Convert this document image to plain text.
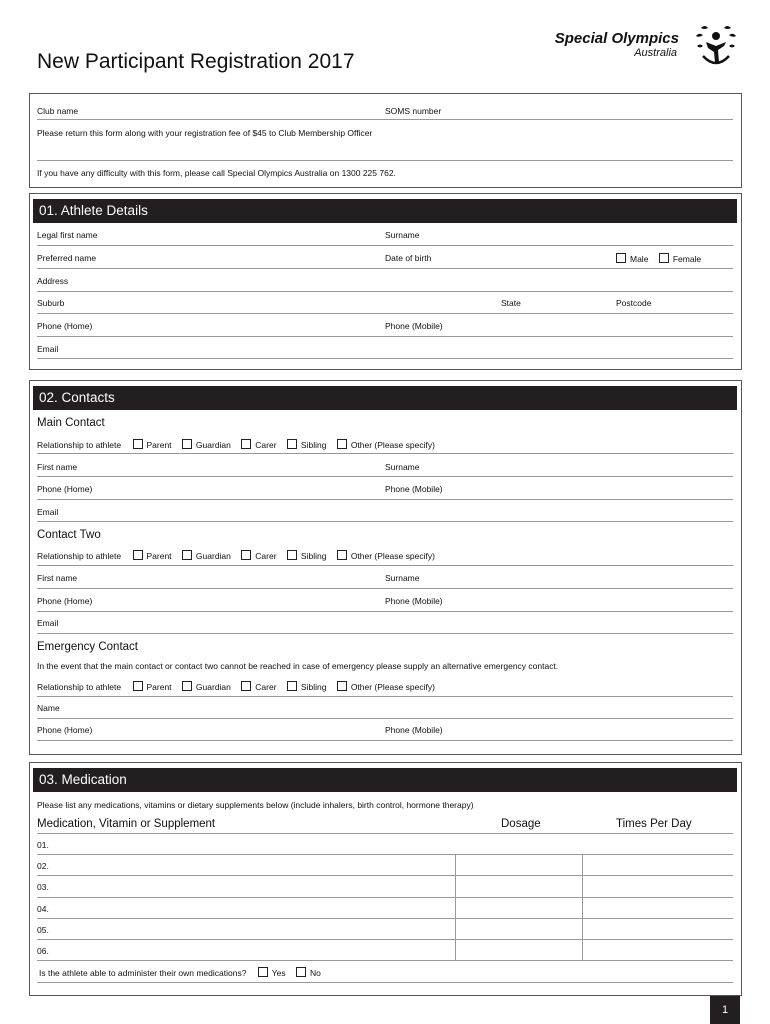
New Participant Registration 2017
Special Olympics
Australia
Club name	SOMS number
Please return this form along with your registration fee of $45 to Club Membership Officer
If you have any difficulty with this form, please call Special Olympics Australia on 1300 225 762.
01. Athlete Details
Legal first name	Surname
Preferred name	Date of birth	Male	Female
Address
Suburb	State	Postcode
Phone (Home)	Phone (Mobile)
Email
02. Contacts
Main Contact
Relationship to athlete	Parent	Guardian	Carer	Sibling	Other (Please specify)
First name	Surname
Phone (Home)	Phone (Mobile)
Email
Contact Two
Relationship to athlete	Parent	Guardian	Carer	Sibling	Other (Please specify)
First name	Surname
Phone (Home)	Phone (Mobile)
Email
Emergency Contact
In the event that the main contact or contact two cannot be reached in case of emergency please supply an alternative emergency contact.
Relationship to athlete	Parent	Guardian	Carer	Sibling	Other (Please specify)
Name
Phone (Home)	Phone (Mobile)
03. Medication
Please list any medications, vitamins or dietary supplements below (include inhalers, birth control, hormone therapy)
Medication, Vitamin or Supplement	Dosage	Times Per Day
01.
02.
03.
04.
05.
06.
Is the athlete able to administer their own medications?	Yes	No
1
